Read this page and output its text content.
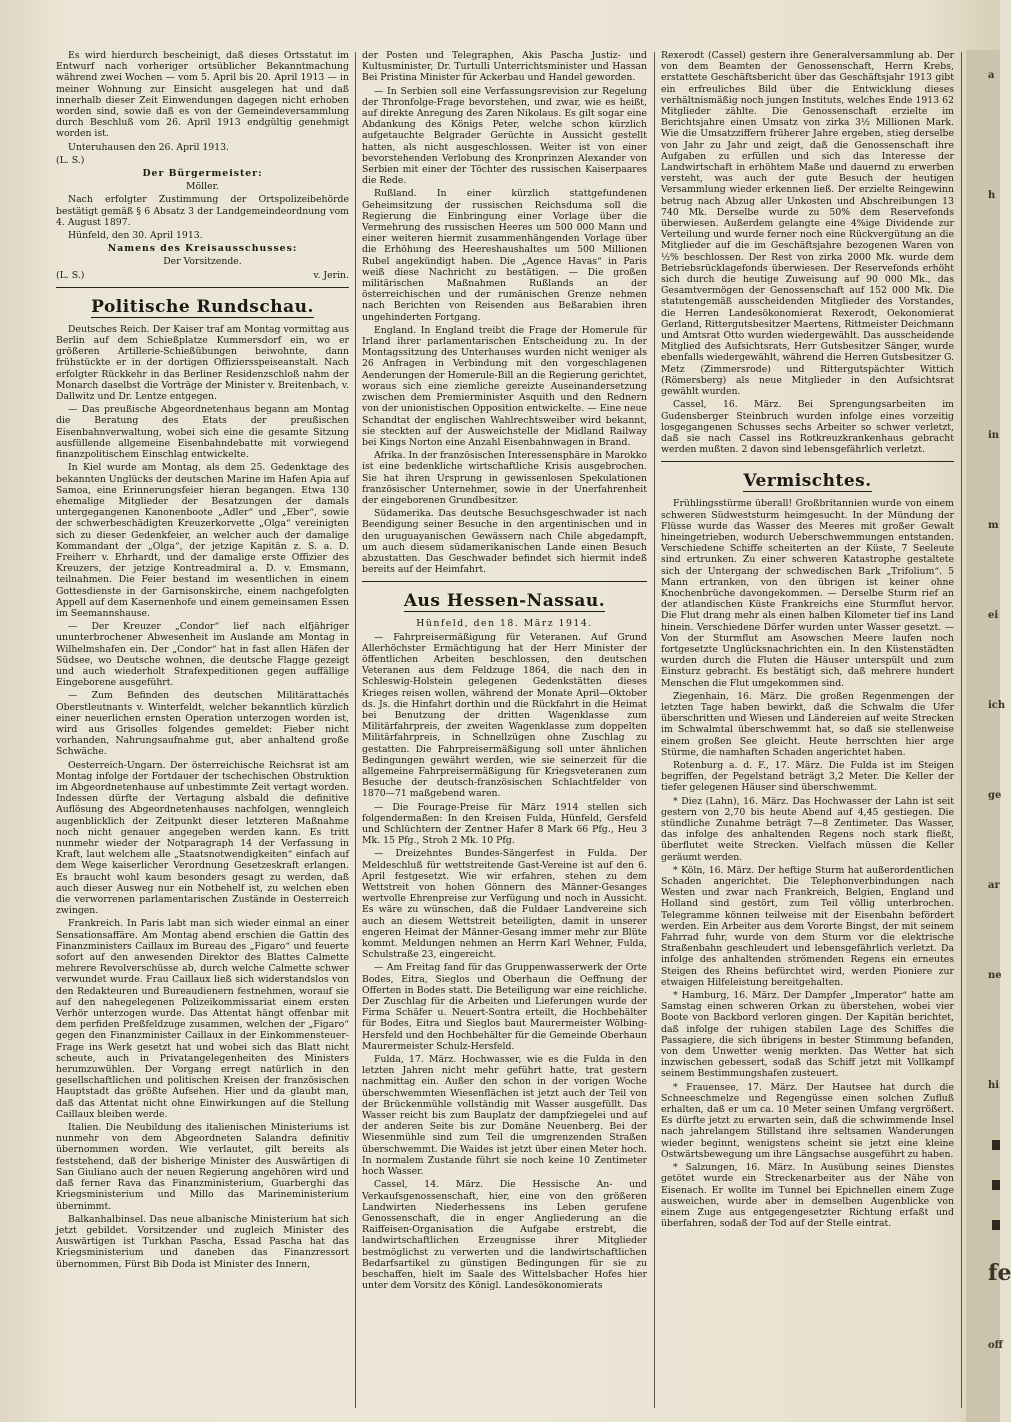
Es wird hierdurch bescheinigt, daß dieses Ortsstatut im Entwurf nach vorheriger ortsüblicher Bekanntmachung während zwei Wochen — vom 5. April bis 20. April 1913 — in meiner Wohnung zur Einsicht ausgelegen hat und daß innerhalb dieser Zeit Einwendungen dagegen nicht erhoben worden sind, sowie daß es von der Gemeindeversammlung durch Beschluß vom 26. April 1913 endgültig genehmigt worden ist.

Unteruhausen den 26. April 1913.

(L. S.)

Der Bürgermeister:

Möller.

Nach erfolgter Zustimmung der Ortspolizeibehörde bestätigt gemäß § 6 Absatz 3 der Landgemeindeordnung vom 4. August 1897.

Hünfeld, den 30. April 1913.

Namens des Kreisausschusses:

Der Vorsitzende.

(L. S.)	v. Jerin.
Politische Rundschau.

Deutsches Reich. Der Kaiser traf am Montag vormittag aus Berlin auf dem Schießplatze Kummersdorf ein, wo er größeren Artillerie-Schießübungen beiwohnte, dann frühstückte er in der dortigen Offiziersspeiseanstalt. Nach erfolgter Rückkehr in das Berliner Residenzschloß nahm der Monarch daselbst die Vorträge der Minister v. Breitenbach, v. Dallwitz und Dr. Lentze entgegen.

— Das preußische Abgeordnetenhaus begann am Montag die Beratung des Etats der preußischen Eisenbahnverwaltung, wobei sich eine die gesamte Sitzung ausfüllende allgemeine Eisenbahndebatte mit vorwiegend finanzpolitischem Einschlag entwickelte.

In Kiel wurde am Montag, als dem 25. Gedenktage des bekannten Unglücks der deutschen Marine im Hafen Apia auf Samoa, eine Erinnerungsfeier hieran begangen. Etwa 130 ehemalige Mitglieder der Besatzungen der damals untergegangenen Kanonenboote „Adler“ und „Eber“, sowie der schwerbeschädigten Kreuzerkorvette „Olga“ vereinigten sich zu dieser Gedenkfeier, an welcher auch der damalige Kommandant der „Olga“, der jetzige Kapitän z. S. a. D. Freiherr v. Ehrhardt, und der damalige erste Offizier des Kreuzers, der jetzige Kontreadmiral a. D. v. Emsmann, teilnahmen. Die Feier bestand im wesentlichen in einem Gottesdienste in der Garnisonskirche, einem nachgefolgten Appell auf dem Kasernenhofe und einem gemeinsamen Essen im Seemannshause.

— Der Kreuzer „Condor“ lief nach elfjähriger ununterbrochener Abwesenheit im Auslande am Montag in Wilhelmshafen ein. Der „Condor“ hat in fast allen Häfen der Südsee, wo Deutsche wohnen, die deutsche Flagge gezeigt und auch wiederholt Strafexpeditionen gegen auffällige Eingeborene ausgeführt.

— Zum Befinden des deutschen Militärattachés Oberstleutnants v. Winterfeldt, welcher bekanntlich kürzlich einer neuerlichen ernsten Operation unterzogen worden ist, wird aus Grisolles folgendes gemeldet: Fieber nicht vorhanden, Nahrungsaufnahme gut, aber anhaltend große Schwäche.

Oesterreich-Ungarn. Der österreichische Reichsrat ist am Montag infolge der Fortdauer der tschechischen Obstruktion im Abgeordnetenhause auf unbestimmte Zeit vertagt worden. Indessen dürfte der Vertagung alsbald die definitive Auflösung des Abgeordnetenhauses nachfolgen, wenngleich augenblicklich der Zeitpunkt dieser letzteren Maßnahme noch nicht genauer angegeben werden kann. Es tritt nunmehr wieder der Notparagraph 14 der Verfassung in Kraft, laut welchem alle „Staatsnotwendigkeiten“ einfach auf dem Wege kaiserlicher Verordnung Gesetzeskraft erlangen. Es braucht wohl kaum besonders gesagt zu werden, daß auch dieser Ausweg nur ein Notbehelf ist, zu welchen eben die verworrenen parlamentarischen Zustände in Oesterreich zwingen.

Frankreich. In Paris labt man sich wieder einmal an einer Sensationsaffäre. Am Montag abend erschien die Gattin des Finanzministers Caillaux im Bureau des „Figaro“ und feuerte sofort auf den anwesenden Direktor des Blattes Calmette mehrere Revolverschüsse ab, durch welche Calmette schwer verwundet wurde. Frau Caillaux ließ sich widerstandslos von den Redakteuren und Bureaudienern festnehmen, worauf sie auf den nahegelegenen Polizeikommissariat einem ersten Verhör unterzogen wurde. Das Attentat hängt offenbar mit dem perfiden Preßfeldzuge zusammen, welchen der „Figaro“ gegen den Finanzminister Caillaux in der Einkommensteuer-Frage ins Werk gesetzt hat und wobei sich das Blatt nicht scheute, auch in Privatangelegenheiten des Ministers herumzuwühlen. Der Vorgang erregt natürlich in den gesellschaftlichen und politischen Kreisen der französischen Hauptstadt das größte Aufsehen. Hier und da glaubt man, daß das Attentat nicht ohne Einwirkungen auf die Stellung Caillaux bleiben werde.

Italien. Die Neubildung des italienischen Ministeriums ist nunmehr von dem Abgeordneten Salandra definitiv übernommen worden. Wie verlautet, gilt bereits als feststehend, daß der bisherige Minister des Auswärtigen di San Giuliano auch der neuen Regierung angehören wird und daß ferner Rava das Finanzministerium, Guarberghi das Kriegsministerium und Millo das Marineministerium übernimmt.

Balkanhalbinsel. Das neue albanische Ministerium hat sich jetzt gebildet. Vorsitzender und zugleich Minister des Auswärtigen ist Turkhan Pascha, Essad Pascha hat das Kriegsministerium und daneben das Finanzressort übernommen, Fürst Bib Doda ist Minister des Innern,

der Posten und Telegraphen, Akis Pascha Justiz- und Kultusminister, Dr. Turtulli Unterrichtsminister und Hassan Bei Pristina Minister für Ackerbau und Handel geworden.

— In Serbien soll eine Verfassungsrevision zur Regelung der Thronfolge-Frage bevorstehen, und zwar, wie es heißt, auf direkte Anregung des Zaren Nikolaus. Es gilt sogar eine Abdankung des Königs Peter, welche schon kürzlich aufgetauchte Belgrader Gerüchte in Aussicht gestellt hatten, als nicht ausgeschlossen. Weiter ist von einer bevorstehenden Verlobung des Kronprinzen Alexander von Serbien mit einer der Töchter des russischen Kaiserpaares die Rede.

Rußland. In einer kürzlich stattgefundenen Geheimsitzung der russischen Reichsduma soll die Regierung die Einbringung einer Vorlage über die Vermehrung des russischen Heeres um 500 000 Mann und einer weiteren hiermit zusammenhängenden Vorlage über die Erhöhung des Heereshaushaltes um 500 Millionen Rubel angekündigt haben. Die „Agence Havas“ in Paris weiß diese Nachricht zu bestätigen. — Die großen militärischen Maßnahmen Rußlands an der österreichischen und der rumänischen Grenze nehmen nach Berichten von Reisenden aus Beßarabien ihren ungehinderten Fortgang.

England. In England treibt die Frage der Homerule für Irland ihrer parlamentarischen Entscheidung zu. In der Montagssitzung des Unterhauses wurden nicht weniger als 26 Anfragen in Verbindung mit den vorgeschlagenen Aenderungen der Homerule-Bill an die Regierung gerichtet, woraus sich eine ziemliche gereizte Auseinandersetzung zwischen dem Premierminister Asquith und den Rednern von der unionistischen Opposition entwickelte. — Eine neue Schandtat der englischen Wahlrechtsweiber wird bekannt, sie steckten auf der Ausweichstelle der Midland Railway bei Kings Norton eine Anzahl Eisenbahnwagen in Brand.

Afrika. In der französischen Interessensphäre in Marokko ist eine bedenkliche wirtschaftliche Krisis ausgebrochen. Sie hat ihren Ursprung in gewissenlosen Spekulationen französischer Unternehmer, sowie in der Unerfahrenheit der eingeborenen Grundbesitzer.

Südamerika. Das deutsche Besuchsgeschwader ist nach Beendigung seiner Besuche in den argentinischen und in den uruguayanischen Gewässern nach Chile abgedampft, um auch diesem südamerikanischen Lande einen Besuch abzustatten. Das Geschwader befindet sich hiermit indeß bereits auf der Heimfahrt.

Aus Hessen-Nassau.

Hünfeld, den 18. März 1914.

— Fahrpreisermäßigung für Veteranen. Auf Grund Allerhöchster Ermächtigung hat der Herr Minister der öffentlichen Arbeiten beschlossen, den deutschen Veteranen aus dem Feldzuge 1864, die nach den in Schleswig-Holstein gelegenen Gedenkstätten dieses Krieges reisen wollen, während der Monate April—Oktober ds. Js. die Hinfahrt dorthin und die Rückfahrt in die Heimat bei Benutzung der dritten Wagenklasse zum Militärfahrpreis, der zweiten Wagenklasse zum doppelten Militärfahrpreis, in Schnellzügen ohne Zuschlag zu gestatten. Die Fahrpreisermäßigung soll unter ähnlichen Bedingungen gewährt werden, wie sie seinerzeit für die allgemeine Fahrpreisermäßigung für Kriegsveteranen zum Besuche der deutsch-französischen Schlachtfelder von 1870—71 maßgebend waren.

— Die Fourage-Preise für März 1914 stellen sich folgendermaßen: In den Kreisen Fulda, Hünfeld, Gersfeld und Schlüchtern der Zentner Hafer 8 Mark 66 Pfg., Heu 3 Mk. 15 Pfg., Stroh 2 Mk. 10 Pfg.

— Dreizehntes Bundes-Sängerfest in Fulda. Der Meldeschluß für wettstreitende Gast-Vereine ist auf den 6. April festgesetzt. Wie wir erfahren, stehen zu dem Wettstreit von hohen Gönnern des Männer-Gesanges wertvolle Ehrenpreise zur Verfügung und noch in Aussicht. Es wäre zu wünschen, daß die Fuldaer Landvereine sich auch an diesem Wettstreit beteiligten, damit in unserer engeren Heimat der Männer-Gesang immer mehr zur Blüte kommt. Meldungen nehmen an Herrn Karl Wehner, Fulda, Schulstraße 23, eingereicht.

— Am Freitag fand für das Gruppenwasserwerk der Orte Bodes, Eitra, Sieglos und Oberhaun die Oeffnung der Offerten in Bodes statt. Die Beteiligung war eine reichliche. Der Zuschlag für die Arbeiten und Lieferungen wurde der Firma Schäfer u. Neuert-Sontra erteilt, die Hochbehälter für Bodes, Eitra und Sieglos baut Maurermeister Wölbing-Hersfeld und den Hochbehälter für die Gemeinde Oberhaun Maurermeister Schulz-Hersfeld.

Fulda, 17. März. Hochwasser, wie es die Fulda in den letzten Jahren nicht mehr geführt hatte, trat gestern nachmittag ein. Außer den schon in der vorigen Woche überschwemmten Wiesenflächen ist jetzt auch der Teil von der Brückenmühle vollständig mit Wasser ausgefüllt. Das Wasser reicht bis zum Bauplatz der dampfziegelei und auf der anderen Seite bis zur Domäne Neuenberg. Bei der Wiesenmühle sind zum Teil die umgrenzenden Straßen überschwemmt. Die Waides ist jetzt über einen Meter hoch. In normalem Zustande führt sie noch keine 10 Zentimeter hoch Wasser.

Cassel, 14. März. Die Hessische An- und Verkaufsgenossenschaft, hier, eine von den größeren Landwirten Niederhessens ins Leben gerufene Genossenschaft, die in enger Angliederung an die Raiffeisen-Organisation die Aufgabe erstrebt, die landwirtschaftlichen Erzeugnisse ihrer Mitglieder bestmöglichst zu verwerten und die landwirtschaftlichen Bedarfsartikel zu günstigen Bedingungen für sie zu beschaffen, hielt im Saale des Wittelsbacher Hofes hier unter dem Vorsitz des Königl. Landesökonomierats

Rexerodt (Cassel) gestern ihre Generalversammlung ab. Der von dem Beamten der Genossenschaft, Herrn Krebs, erstattete Geschäftsbericht über das Geschäftsjahr 1913 gibt ein erfreuliches Bild über die Entwicklung dieses verhältnismäßig noch jungen Instituts, welches Ende 1913 62 Mitglieder zählte. Die Genossenschaft erzielte im Berichtsjahre einen Umsatz von zirka 3½ Millionen Mark. Wie die Umsatzziffern früherer Jahre ergeben, stieg derselbe von Jahr zu Jahr und zeigt, daß die Genossenschaft ihre Aufgaben zu erfüllen und sich das Interesse der Landwirtschaft in erhöhtem Maße und dauernd zu erwerben versteht, was auch der gute Besuch der heutigen Versammlung wieder erkennen ließ. Der erzielte Reingewinn betrug nach Abzug aller Unkosten und Abschreibungen 13 740 Mk. Derselbe wurde zu 50% dem Reservefonds überwiesen. Außerdem gelangte eine 4%ige Dividende zur Verteilung und wurde ferner noch eine Rückvergütung an die Mitglieder auf die im Geschäftsjahre bezogenen Waren von ½% beschlossen. Der Rest von zirka 2000 Mk. wurde dem Betriebsrücklagefonds überwiesen. Der Reservefonds erhöht sich durch die heutige Zuweisung auf 90 000 Mk., das Gesamtvermögen der Genossenschaft auf 152 000 Mk. Die statutengemäß ausscheidenden Mitglieder des Vorstandes, die Herren Landesökonomierat Rexerodt, Oekonomierat Gerland, Rittergutsbesitzer Maertens, Rittmeister Deichmann und Amtsrat Otto wurden wiedergewählt. Das ausscheidende Mitglied des Aufsichtsrats, Herr Gutsbesitzer Sänger, wurde ebenfalls wiedergewählt, während die Herren Gutsbesitzer G. Metz (Zimmersrode) und Rittergutspächter Wittich (Römersberg) als neue Mitglieder in den Aufsichtsrat gewählt wurden.

Cassel, 16. März. Bei Sprengungsarbeiten im Gudensberger Steinbruch wurden infolge eines vorzeitig losgegangenen Schusses sechs Arbeiter so schwer verletzt, daß sie nach Cassel ins Rotkreuzkrankenhaus gebracht werden mußten. 2 davon sind lebensgefährlich verletzt.

Vermischtes.

Frühlingsstürme überall! Großbritannien wurde von einem schweren Südweststurm heimgesucht. In der Mündung der Flüsse wurde das Wasser des Meeres mit großer Gewalt hineingetrieben, wodurch Ueberschwemmungen entstanden. Verschiedene Schiffe scheiterten an der Küste, 7 Seeleute sind ertrunken. Zu einer schweren Katastrophe gestaltete sich der Untergang der schwedischen Bark „Trifolium“. 5 Mann ertranken, von den übrigen ist keiner ohne Knochenbrüche davongekommen. — Derselbe Sturm rief an der atlandischen Küste Frankreichs eine Sturmflut hervor. Die Flut drang mehr als einen halben Kilometer tief ins Land hinein. Verschiedene Dörfer wurden unter Wasser gesetzt. — Von der Sturmflut am Asowschen Meere laufen noch fortgesetzte Unglücksnachrichten ein. In den Küstenstädten wurden durch die Fluten die Häuser unterspült und zum Einsturz gebracht. Es bestätigt sich, daß mehrere hundert Menschen die Flut umgekommen sind.

Ziegenhain, 16. März. Die großen Regenmengen der letzten Tage haben bewirkt, daß die Schwalm die Ufer überschritten und Wiesen und Ländereien auf weite Strecken im Schwalmtal überschwemmt hat, so daß sie stellenweise einem großen See gleicht. Heute herrschten hier arge Stürme, die namhaften Schaden angerichtet haben.

Rotenburg a. d. F., 17. März. Die Fulda ist im Steigen begriffen, der Pegelstand beträgt 3,2 Meter. Die Keller der tiefer gelegenen Häuser sind überschwemmt.

* Diez (Lahn), 16. März. Das Hochwasser der Lahn ist seit gestern von 2,70 bis heute Abend auf 4,45 gestiegen. Die stündliche Zunahme beträgt 7—8 Zentimeter. Das Wasser, das infolge des anhaltenden Regens noch stark fließt, überflutet weite Strecken. Vielfach müssen die Keller geräumt werden.

* Köln, 16. März. Der heftige Sturm hat außerordentlichen Schaden angerichtet. Die Telephonverbindungen nach Westen und zwar nach Frankreich, Belgien, England und Holland sind gestört, zum Teil völlig unterbrochen. Telegramme können teilweise mit der Eisenbahn befördert werden. Ein Arbeiter aus dem Vororte Bingst, der mit seinem Fahrrad fuhr, wurde von dem Sturm vor die elektrische Straßenbahn geschleudert und lebensgefährlich verletzt. Da infolge des anhaltenden strömenden Regens ein erneutes Steigen des Rheins befürchtet wird, werden Pioniere zur etwaigen Hilfeleistung bereitgehalten.

* Hamburg, 16. März. Der Dampfer „Imperator“ hatte am Samstag einen schweren Orkan zu überstehen, wobei vier Boote von Backbord verloren gingen. Der Kapitän berichtet, daß infolge der ruhigen stabilen Lage des Schiffes die Passagiere, die sich übrigens in bester Stimmung befanden, von dem Unwetter wenig merkten. Das Wetter hat sich inzwischen gebessert, sodaß das Schiff jetzt mit Vollkampf seinem Bestimmungshafen zusteuert.

* Frauensee, 17. März. Der Hautsee hat durch die Schneeschmelze und Regengüsse einen solchen Zufluß erhalten, daß er um ca. 10 Meter seinen Umfang vergrößert. Es dürfte jetzt zu erwarten sein, daß die schwimmende Insel nach jahrelangem Stillstand ihre seltsamen Wanderungen wieder beginnt, wenigstens scheint sie jetzt eine kleine Ostwärtsbewegung um ihre Längsachse ausgeführt zu haben.

* Salzungen, 16. März. In Ausübung seines Dienstes getötet wurde ein Streckenarbeiter aus der Nähe von Eisenach. Er wollte im Tunnel bei Epichnellen einem Zuge ausweichen, wurde aber in demselben Augenblicke von einem Zuge aus entgegengesetzter Richtung erfaßt und überfahren, sodaß der Tod auf der Stelle eintrat.

a
h
in
m
ei
ich
ge
ar
ne
hi
fe
off
